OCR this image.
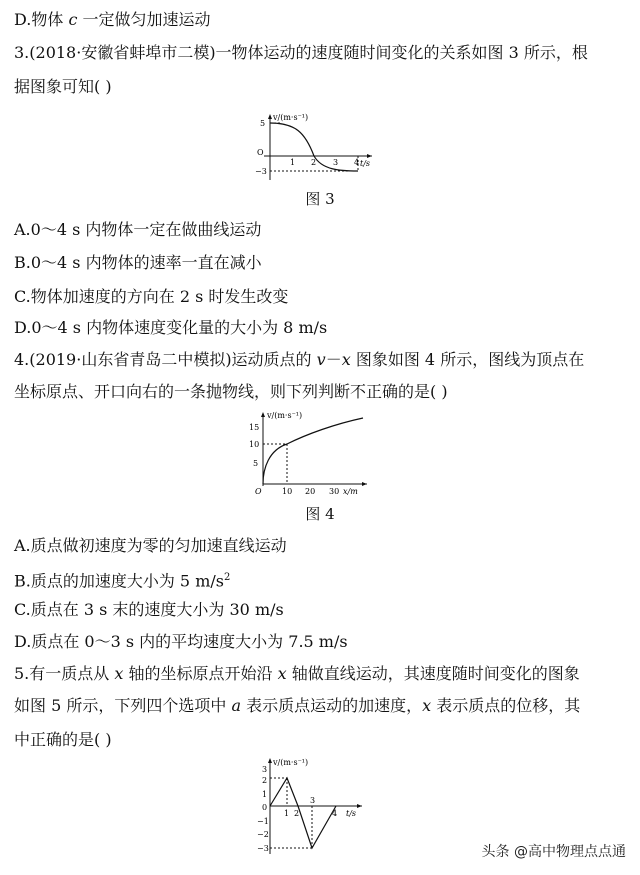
D.物体 c 一定做匀加速运动
3.(2018·安徽省蚌埠市二模)一物体运动的速度随时间变化的关系如图 3 所示，根
据图象可知( )
v/(m·s⁻¹)
t/s
O
5
−3
1 2 3 4
图 3
A.0～4 s 内物体一定在做曲线运动
B.0～4 s 内物体的速率一直在减小
C.物体加速度的方向在 2 s 时发生改变
D.0～4 s 内物体速度变化量的大小为 8 m/s
4.(2019·山东省青岛二中模拟)运动质点的 v－x 图象如图 4 所示，图线为顶点在
坐标原点、开口向右的一条抛物线，则下列判断不正确的是( )
v/(m·s⁻¹)
x/m
O
15
10
5
10 20 30
图 4
A.质点做初速度为零的匀加速直线运动
B.质点的加速度大小为 5 $m/s^2$
C.质点在 3 s 末的速度大小为 30 m/s
D.质点在 0～3 s 内的平均速度大小为 7.5 m/s
5.有一质点从 x 轴的坐标原点开始沿 x 轴做直线运动，其速度随时间变化的图象
如图 5 所示，下列四个选项中 a 表示质点运动的加速度，x 表示质点的位移，其
中正确的是( )
v/(m·s⁻¹)
t/s
3
2
1
0
−1
−2
−3
1 2
3
4
头条 @高中物理点点通
